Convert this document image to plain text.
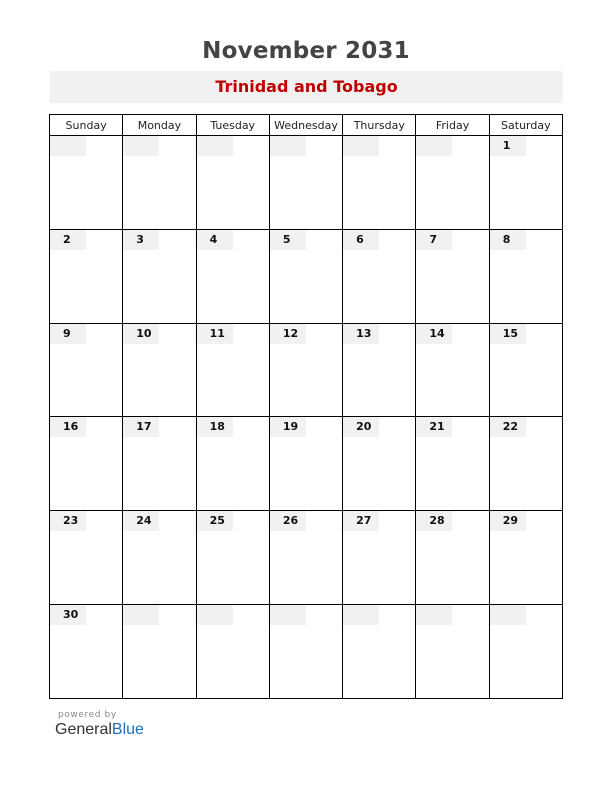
November 2031
Trinidad and Tobago
Sunday	Monday	Tuesday	Wednesday	Thursday	Friday	Saturday

						1

2	3	4	5	6	7	8

9	10	11	12	13	14	15

16	17	18	19	20	21	22

23	24	25	26	27	28	29

30						

powered by
GeneralBlue
